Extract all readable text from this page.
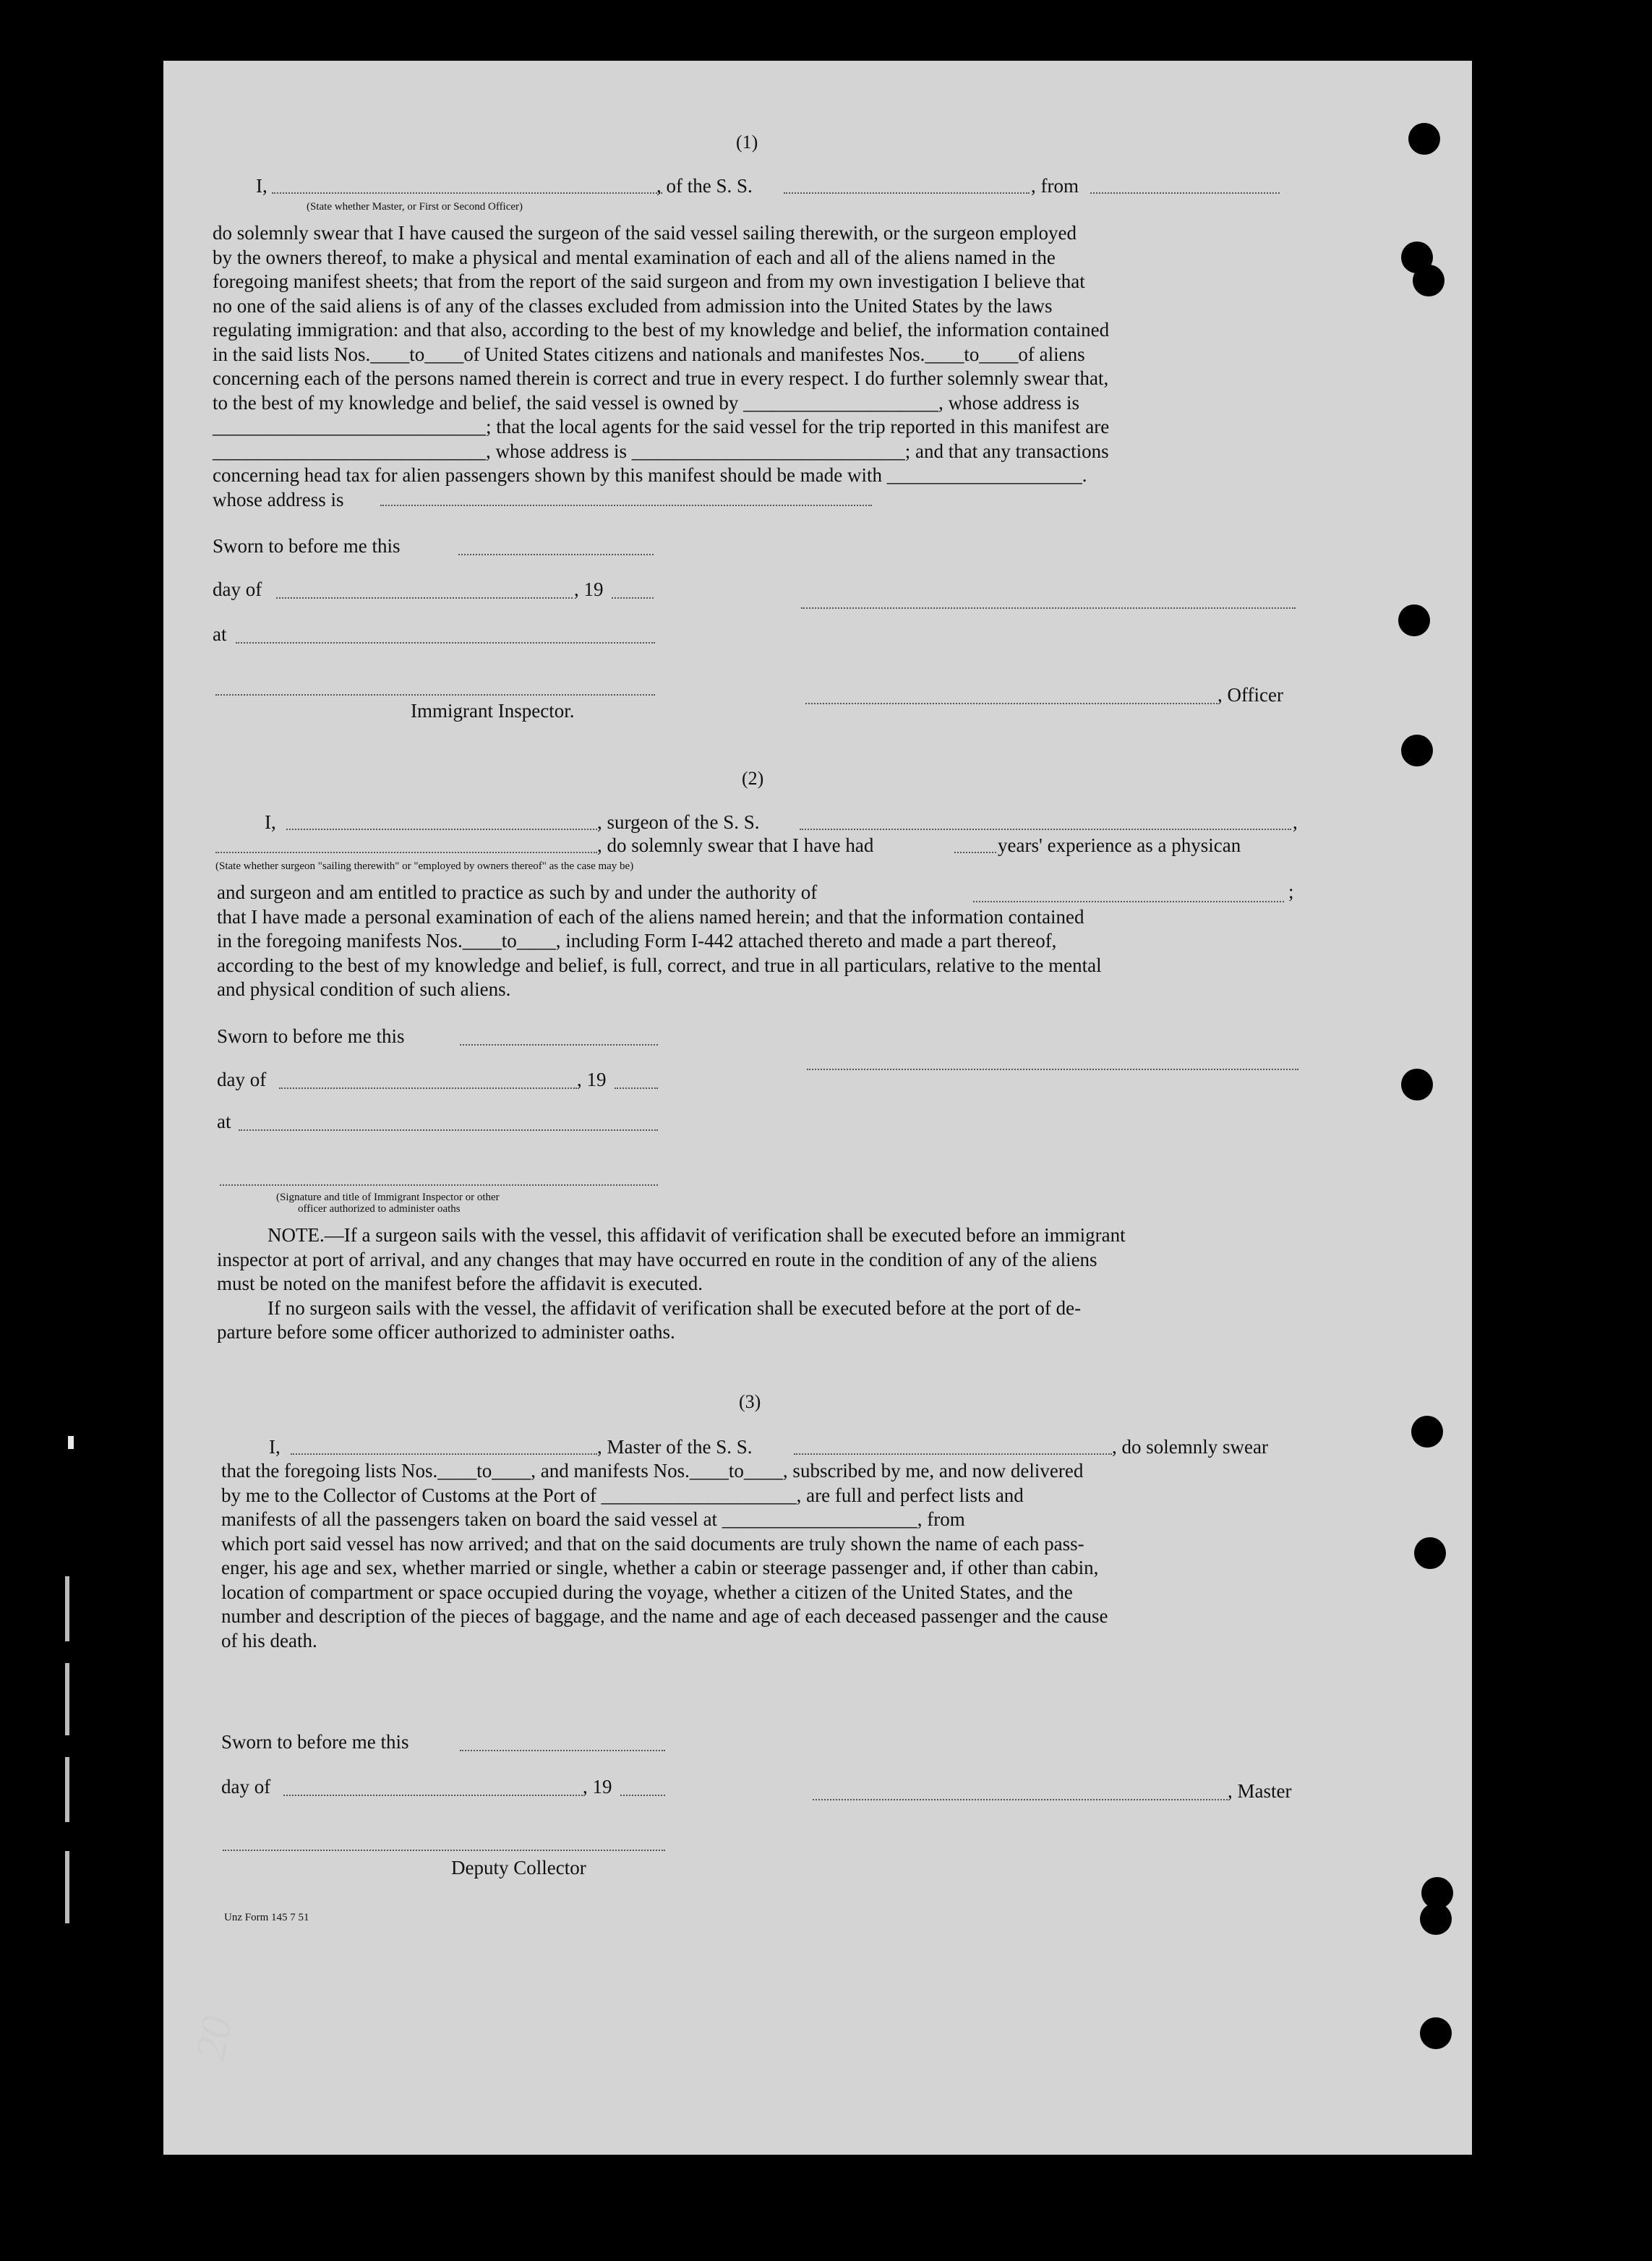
20
(1)
I,	, of the S. S.	, from
(State whether Master, or First or Second Officer)
do solemnly swear that I have caused the surgeon of the said vessel sailing therewith, or the surgeon employed
by the owners thereof, to make a physical and mental examination of each and all of the aliens named in the
foregoing manifest sheets; that from the report of the said surgeon and from my own investigation I believe that
no one of the said aliens is of any of the classes excluded from admission into the United States by the laws
regulating immigration: and that also, according to the best of my knowledge and belief, the information contained
in the said lists Nos.____to____of United States citizens and nationals and manifestes Nos.____to____of aliens
concerning each of the persons named therein is correct and true in every respect. I do further solemnly swear that,
to the best of my knowledge and belief, the said vessel is owned by ____________________, whose address is
____________________________; that the local agents for the said vessel for the trip reported in this manifest are
____________________________, whose address is ____________________________; and that any transactions
concerning head tax for alien passengers shown by this manifest should be made with ____________________.
whose address is
Sworn to before me this
day of	, 19
at
, Officer
Immigrant Inspector.
(2)
I,	, surgeon of the S. S.	,
, do solemnly swear that I have had	years' experience as a physican
(State whether surgeon "sailing therewith" or "employed by owners thereof" as the case may be)
and surgeon and am entitled to practice as such by and under the authority of
that I have made a personal examination of each of the aliens named herein; and that the information contained
in the foregoing manifests Nos.____to____, including Form I-442 attached thereto and made a part thereof,
according to the best of my knowledge and belief, is full, correct, and true in all particulars, relative to the mental
and physical condition of such aliens.
;
Sworn to before me this
day of	, 19
at
(Signature and title of Immigrant Inspector or other
officer authorized to administer oaths
NOTE.—If a surgeon sails with the vessel, this affidavit of verification shall be executed before an immigrant
inspector at port of arrival, and any changes that may have occurred en route in the condition of any of the aliens
must be noted on the manifest before the affidavit is executed.
If no surgeon sails with the vessel, the affidavit of verification shall be executed before at the port of de-
parture before some officer authorized to administer oaths.
(3)
I,	, Master of the S. S.	, do solemnly swear
that the foregoing lists Nos.____to____, and manifests Nos.____to____, subscribed by me, and now delivered
by me to the Collector of Customs at the Port of ____________________, are full and perfect lists and
manifests of all the passengers taken on board the said vessel at ____________________, from
which port said vessel has now arrived; and that on the said documents are truly shown the name of each pass-
enger, his age and sex, whether married or single, whether a cabin or steerage passenger and, if other than cabin,
location of compartment or space occupied during the voyage, whether a citizen of the United States, and the
number and description of the pieces of baggage, and the name and age of each deceased passenger and the cause
of his death.
Sworn to before me this
day of	, 19	, Master
Deputy Collector
Unz Form 145 7 51
